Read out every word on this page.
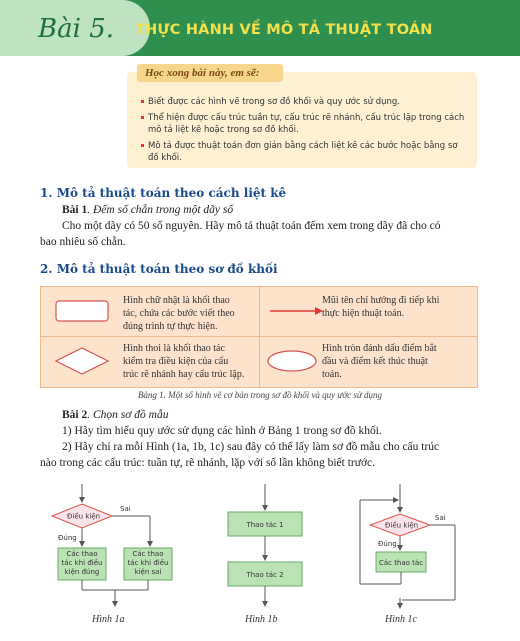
Bài 5. THỰC HÀNH VỀ MÔ TẢ THUẬT TOÁN
Học xong bài này, em sẽ:
Biết được các hình vẽ trong sơ đồ khối và quy ước sử dụng.
Thể hiện được cấu trúc tuần tự, cấu trúc rẽ nhánh, cấu trúc lặp trong cách
mô tả liệt kê hoặc trong sơ đồ khối.
Mô tả được thuật toán đơn giản bằng cách liệt kê các bước hoặc bằng sơ đồ khối.
1. Mô tả thuật toán theo cách liệt kê
Bài 1. Đếm số chẵn trong một dãy số
Cho một dãy có 50 số nguyên. Hãy mô tả thuật toán đếm xem trong dãy đã cho có
bao nhiêu số chẵn.
2. Mô tả thuật toán theo sơ đồ khối
Hình chữ nhật là khối thao
tác, chứa các bước viết theo
đúng trình tự thực hiện.
Mũi tên chỉ hướng đi tiếp khi
thực hiện thuật toán.
Hình thoi là khối thao tác
kiểm tra điều kiện của cấu
trúc rẽ nhánh hay cấu trúc lặp.
Hình tròn đánh dấu điểm bắt
đầu và điểm kết thúc thuật
toán.
Bảng 1. Một số hình vẽ cơ bản trong sơ đồ khối và quy ước sử dụng
Bài 2. Chọn sơ đồ mẫu
1) Hãy tìm hiểu quy ước sử dụng các hình ở Bảng 1 trong sơ đồ khối.
2) Hãy chỉ ra mỗi Hình (1a, 1b, 1c) sau đây có thể lấy làm sơ đồ mẫu cho cấu trúc
nào trong các cấu trúc: tuần tự, rẽ nhánh, lặp với số lần không biết trước.
Điều kiện
Sai
Đúng
Các thao
tác khi điều
kiện đúng
Các thao
tác khi điều
kiện sai
Thao tác 1
Thao tác 2
Điều kiện
Sai
Đúng
Các thao tác
Hình 1a	Hình 1b	Hình 1c
